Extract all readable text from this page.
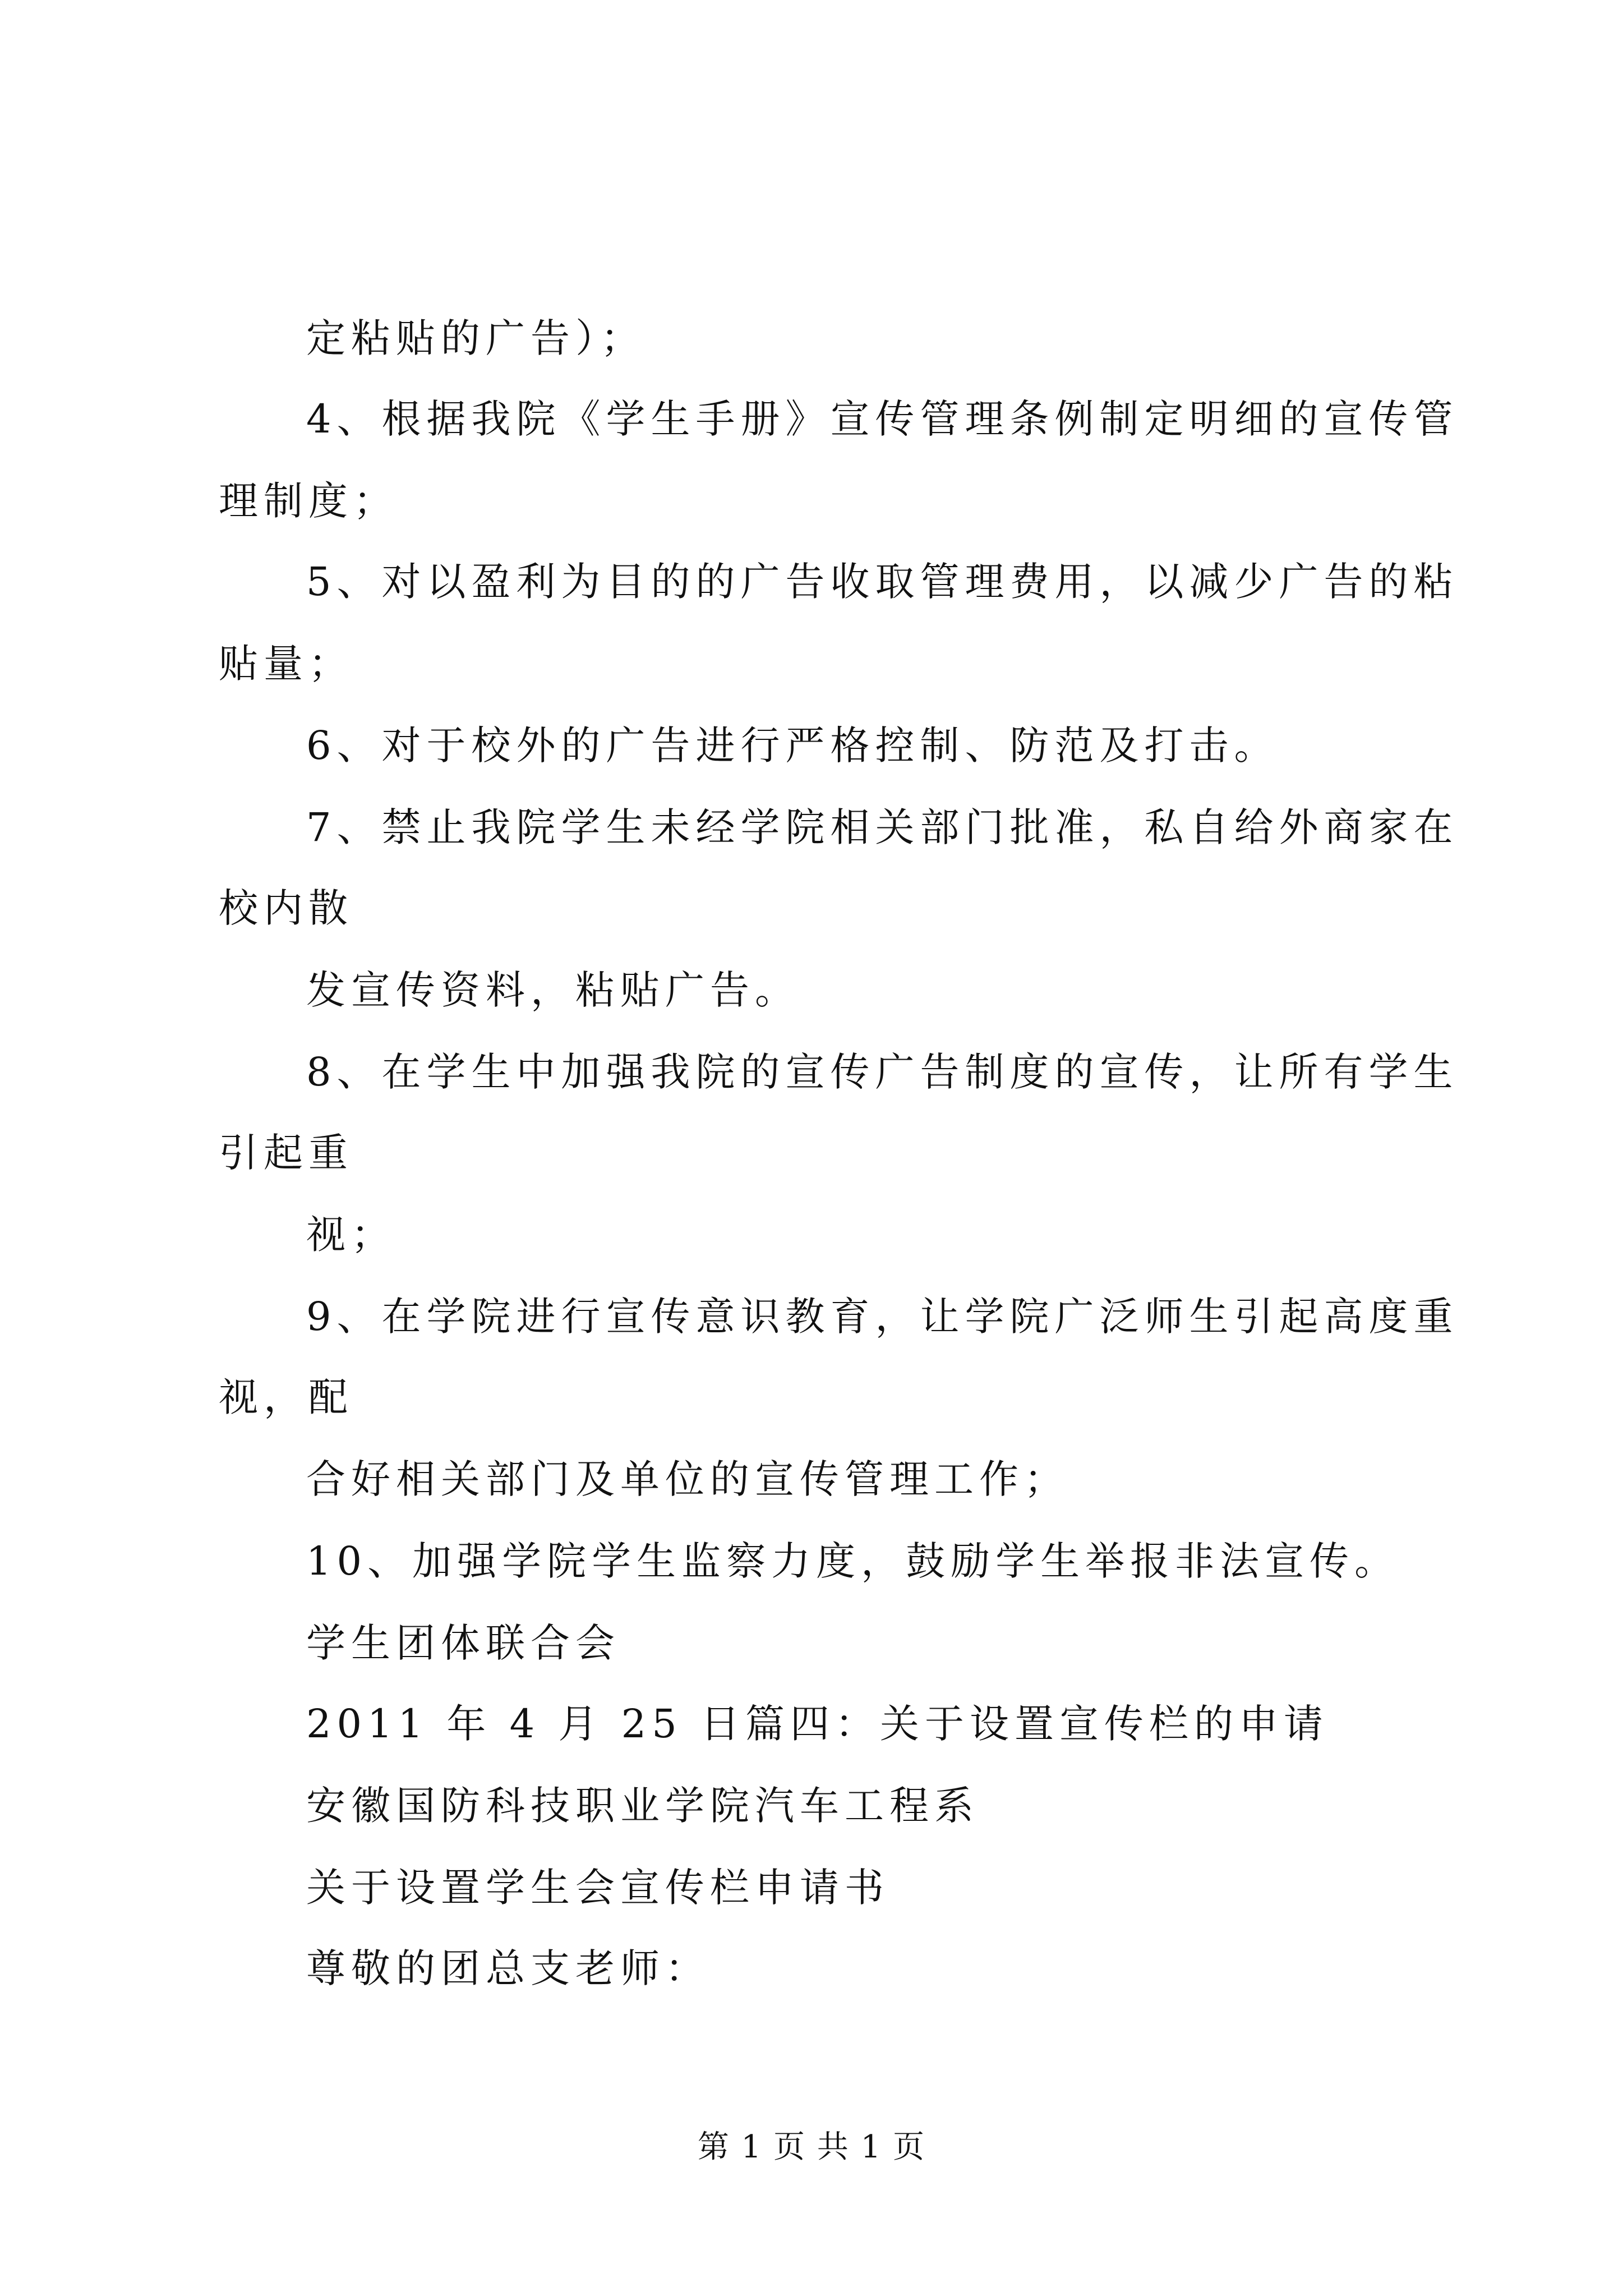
定粘贴的广告）；
4、根据我院《学生手册》宣传管理条例制定明细的宣传管
理制度；
5、对以盈利为目的的广告收取管理费用，以减少广告的粘
贴量；
6、对于校外的广告进行严格控制、防范及打击。
7、禁止我院学生未经学院相关部门批准，私自给外商家在
校内散
发宣传资料，粘贴广告。
8、在学生中加强我院的宣传广告制度的宣传，让所有学生
引起重
视；
9、在学院进行宣传意识教育，让学院广泛师生引起高度重
视，配
合好相关部门及单位的宣传管理工作；
10、加强学院学生监察力度，鼓励学生举报非法宣传。
学生团体联合会
2011 年 4 月 25 日篇四：关于设置宣传栏的申请
安徽国防科技职业学院汽车工程系
关于设置学生会宣传栏申请书
尊敬的团总支老师：
第 1 页 共 1 页
